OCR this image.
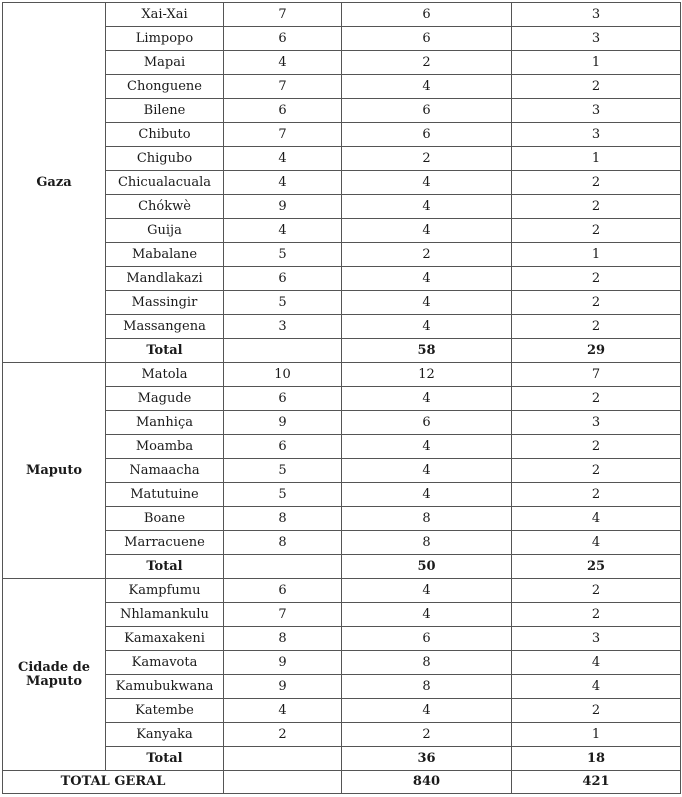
Gaza	Xai-Xai	7	6	3
	Limpopo	6	6	3
	Mapai	4	2	1
	Chonguene	7	4	2
	Bilene	6	6	3
	Chibuto	7	6	3
	Chigubo	4	2	1
	Chicualacuala	4	4	2
	Chókwè	9	4	2
	Guija	4	4	2
	Mabalane	5	2	1
	Mandlakazi	6	4	2
	Massingir	5	4	2
	Massangena	3	4	2
	Total		58	29
Maputo	Matola	10	12	7
	Magude	6	4	2
	Manhiça	9	6	3
	Moamba	6	4	2
	Namaacha	5	4	2
	Matutuine	5	4	2
	Boane	8	8	4
	Marracuene	8	8	4
	Total		50	25
Cidade de Maputo	Kampfumu	6	4	2
	Nhlamankulu	7	4	2
	Kamaxakeni	8	6	3
	Kamavota	9	8	4
	Kamubukwana	9	8	4
	Katembe	4	4	2
	Kanyaka	2	2	1
	Total		36	18
TOTAL GERAL			840	421
